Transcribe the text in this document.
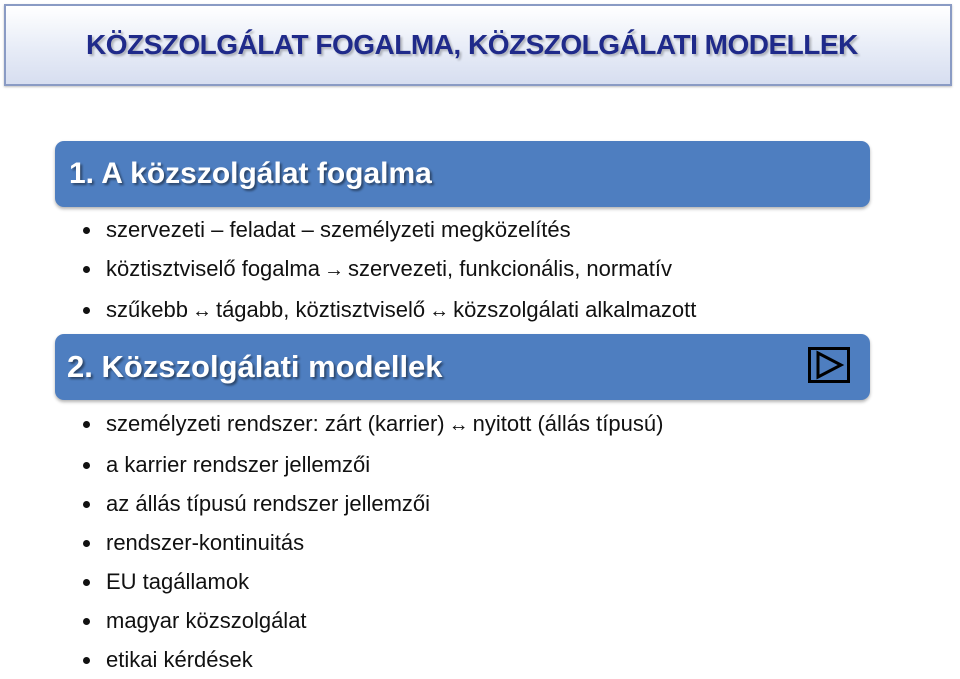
KÖZSZOLGÁLAT FOGALMA, KÖZSZOLGÁLATI MODELLEK
1. A közszolgálat fogalma
szervezeti – feladat – személyzeti megközelítés
köztisztviselő fogalma → szervezeti, funkcionális, normatív
szűkebb ↔ tágabb, köztisztviselő ↔ közszolgálati alkalmazott
2. Közszolgálati modellek
személyzeti rendszer: zárt (karrier) ↔ nyitott (állás típusú)
a karrier rendszer jellemzői
az állás típusú rendszer jellemzői
rendszer-kontinuitás
EU tagállamok
magyar közszolgálat
etikai kérdések
